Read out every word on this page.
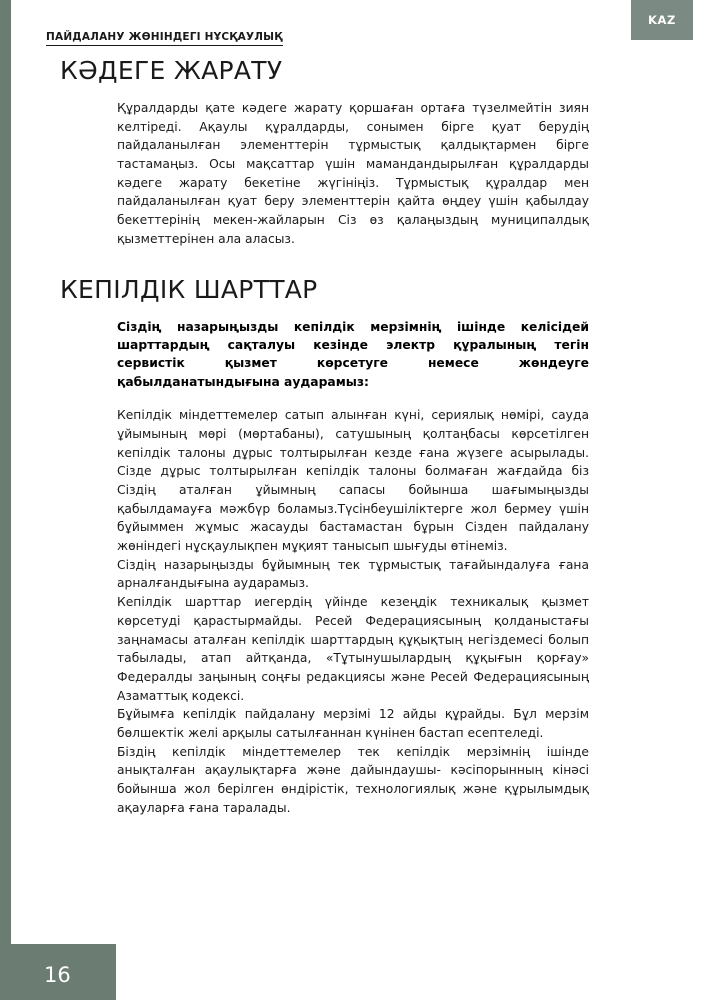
KAZ
ПАЙДАЛАНУ ЖӨНІНДЕГІ НҰСҚАУЛЫҚ
КӘДЕГЕ ЖАРАТУ

Құралдарды қате кәдеге жарату қоршаған ортаға түзелмейтін зиян келтіреді. Ақаулы құралдарды, сонымен бірге қуат берудің пайдаланылған элементтерін тұрмыстық қалдықтармен бірге тастамаңыз. Осы мақсаттар үшін мамандандырылған құралдарды кәдеге жарату бекетіне жүгініңіз. Тұрмыстық құралдар мен пайдаланылған қуат беру элементтерін қайта өңдеу үшін қабылдау бекеттерінің мекен-жайларын Сіз өз қалаңыздың муниципалдық қызметтерінен ала аласыз.

КЕПІЛДІК ШАРТТАР

Сіздің назарыңызды кепілдік мерзімнің ішінде келісідей шарттардың сақталуы кезінде электр құралының тегін сервистік қызмет көрсетуге немесе жөндеуге қабылданатындығына аударамыз:

Кепілдік міндеттемелер сатып алынған күні, сериялық нөмірі, сауда ұйымының мөрі (мөртабаны), сатушының қолтаңбасы көрсетілген кепілдік талоны дұрыс толтырылған кезде ғана жүзеге асырылады. Сізде дұрыс толтырылған кепілдік талоны болмаған жағдайда біз Сіздің аталған ұйымның сапасы бойынша шағымыңызды қабылдамауға мәжбүр боламыз.Түсінбеушіліктерге жол бермеу үшін бұйыммен жұмыс жасауды бастамастан бұрын Сізден пайдалану жөніндегі нұсқаулықпен мұқият танысып шығуды өтінеміз.

Сіздің назарыңызды бұйымның тек тұрмыстық тағайындалуға ғана арналғандығына аударамыз.

Кепілдік шарттар иегердің үйінде кезеңдік техникалық қызмет көрсетуді қарастырмайды. Ресей Федерациясының қолданыстағы заңнамасы аталған кепілдік шарттардың құқықтың негіздемесі болып табылады, атап айтқанда, «Тұтынушылардың құқығын қорғау» Федералды заңының соңғы редакциясы және Ресей Федерациясының Азаматтық кодексі.

Бұйымға кепілдік пайдалану мерзімі 12 айды құрайды. Бұл мерзім бөлшектік желі арқылы сатылғаннан күнінен бастап есептеледі.

Біздің кепілдік міндеттемелер тек кепілдік мерзімнің ішінде анықталған ақаулықтарға және дайындаушы- кәсіпорынның кінәсі бойынша жол берілген өндірістік, технологиялық және құрылымдық ақауларға ғана таралады.

16
